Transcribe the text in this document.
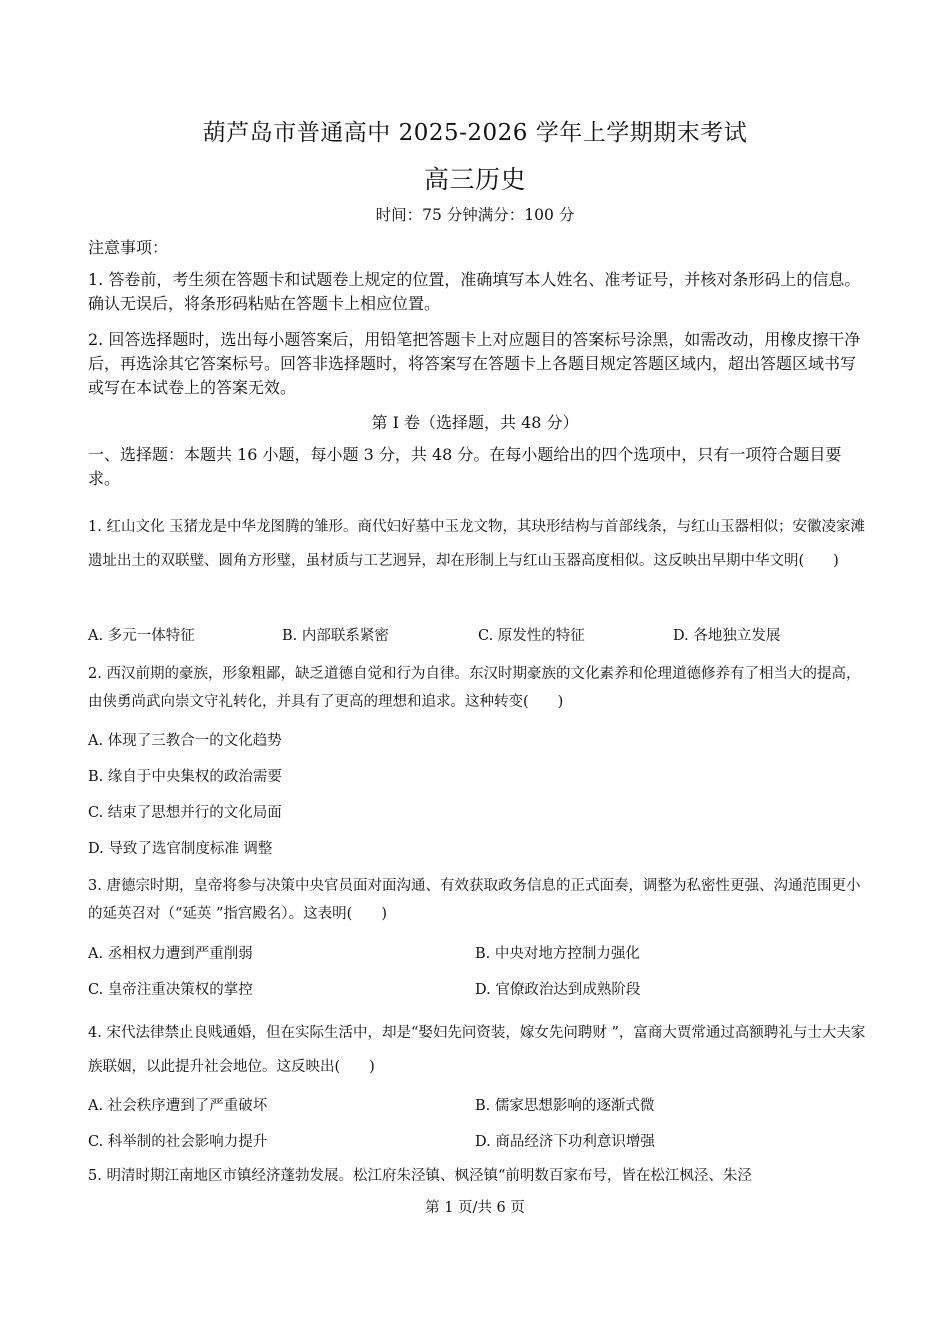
葫芦岛市普通高中 2025-2026 学年上学期期末考试
高三历史
时间：75 分钟满分：100 分
注意事项：
1. 答卷前，考生须在答题卡和试题卷上规定的位置，准确填写本人姓名、准考证号，并核对条形码上的信息。确认无误后，将条形码粘贴在答题卡上相应位置。
2. 回答选择题时，选出每小题答案后，用铅笔把答题卡上对应题目的答案标号涂黑，如需改动，用橡皮擦干净后，再选涂其它答案标号。回答非选择题时，将答案写在答题卡上各题目规定答题区域内，超出答题区域书写或写在本试卷上的答案无效。
第 I 卷（选择题，共 48 分）
一、选择题：本题共 16 小题，每小题 3 分，共 48 分。在每小题给出的四个选项中，只有一项符合题目要求。
1. 红山文化 玉猪龙是中华龙图腾的雏形。商代妇好墓中玉龙文物，其玦形结构与首部线条，与红山玉器相似；安徽凌家滩遗址出土的双联璧、圆角方形璧，虽材质与工艺迥异，却在形制上与红山玉器高度相似。这反映出早期中华文明(　　)
A. 多元一体特征	B. 内部联系紧密	C. 原发性的特征	D. 各地独立发展
2. 西汉前期的豪族，形象粗鄙，缺乏道德自觉和行为自律。东汉时期豪族的文化素养和伦理道德修养有了相当大的提高，由侠勇尚武向崇文守礼转化，并具有了更高的理想和追求。这种转变(　　)
A. 体现了三教合一的文化趋势
B. 缘自于中央集权的政治需要
C. 结束了思想并行的文化局面
D. 导致了选官制度标准 调整
3. 唐德宗时期，皇帝将参与决策中央官员面对面沟通、有效获取政务信息的正式面奏，调整为私密性更强、沟通范围更小的延英召对（“延英 ”指宫殿名）。这表明(　　)
A. 丞相权力遭到严重削弱	B. 中央对地方控制力强化
C. 皇帝注重决策权的掌控	D. 官僚政治达到成熟阶段
4. 宋代法律禁止良贱通婚，但在实际生活中，却是“娶妇先问资装，嫁女先问聘财 ”，富商大贾常通过高额聘礼与士大夫家族联姻，以此提升社会地位。这反映出(　　)
A. 社会秩序遭到了严重破坏	B. 儒家思想影响的逐渐式微
C. 科举制的社会影响力提升	D. 商品经济下功利意识增强
5. 明清时期江南地区市镇经济蓬勃发展。松江府朱泾镇、枫泾镇“前明数百家布号，皆在松江枫泾、朱泾
第 1 页/共 6 页
